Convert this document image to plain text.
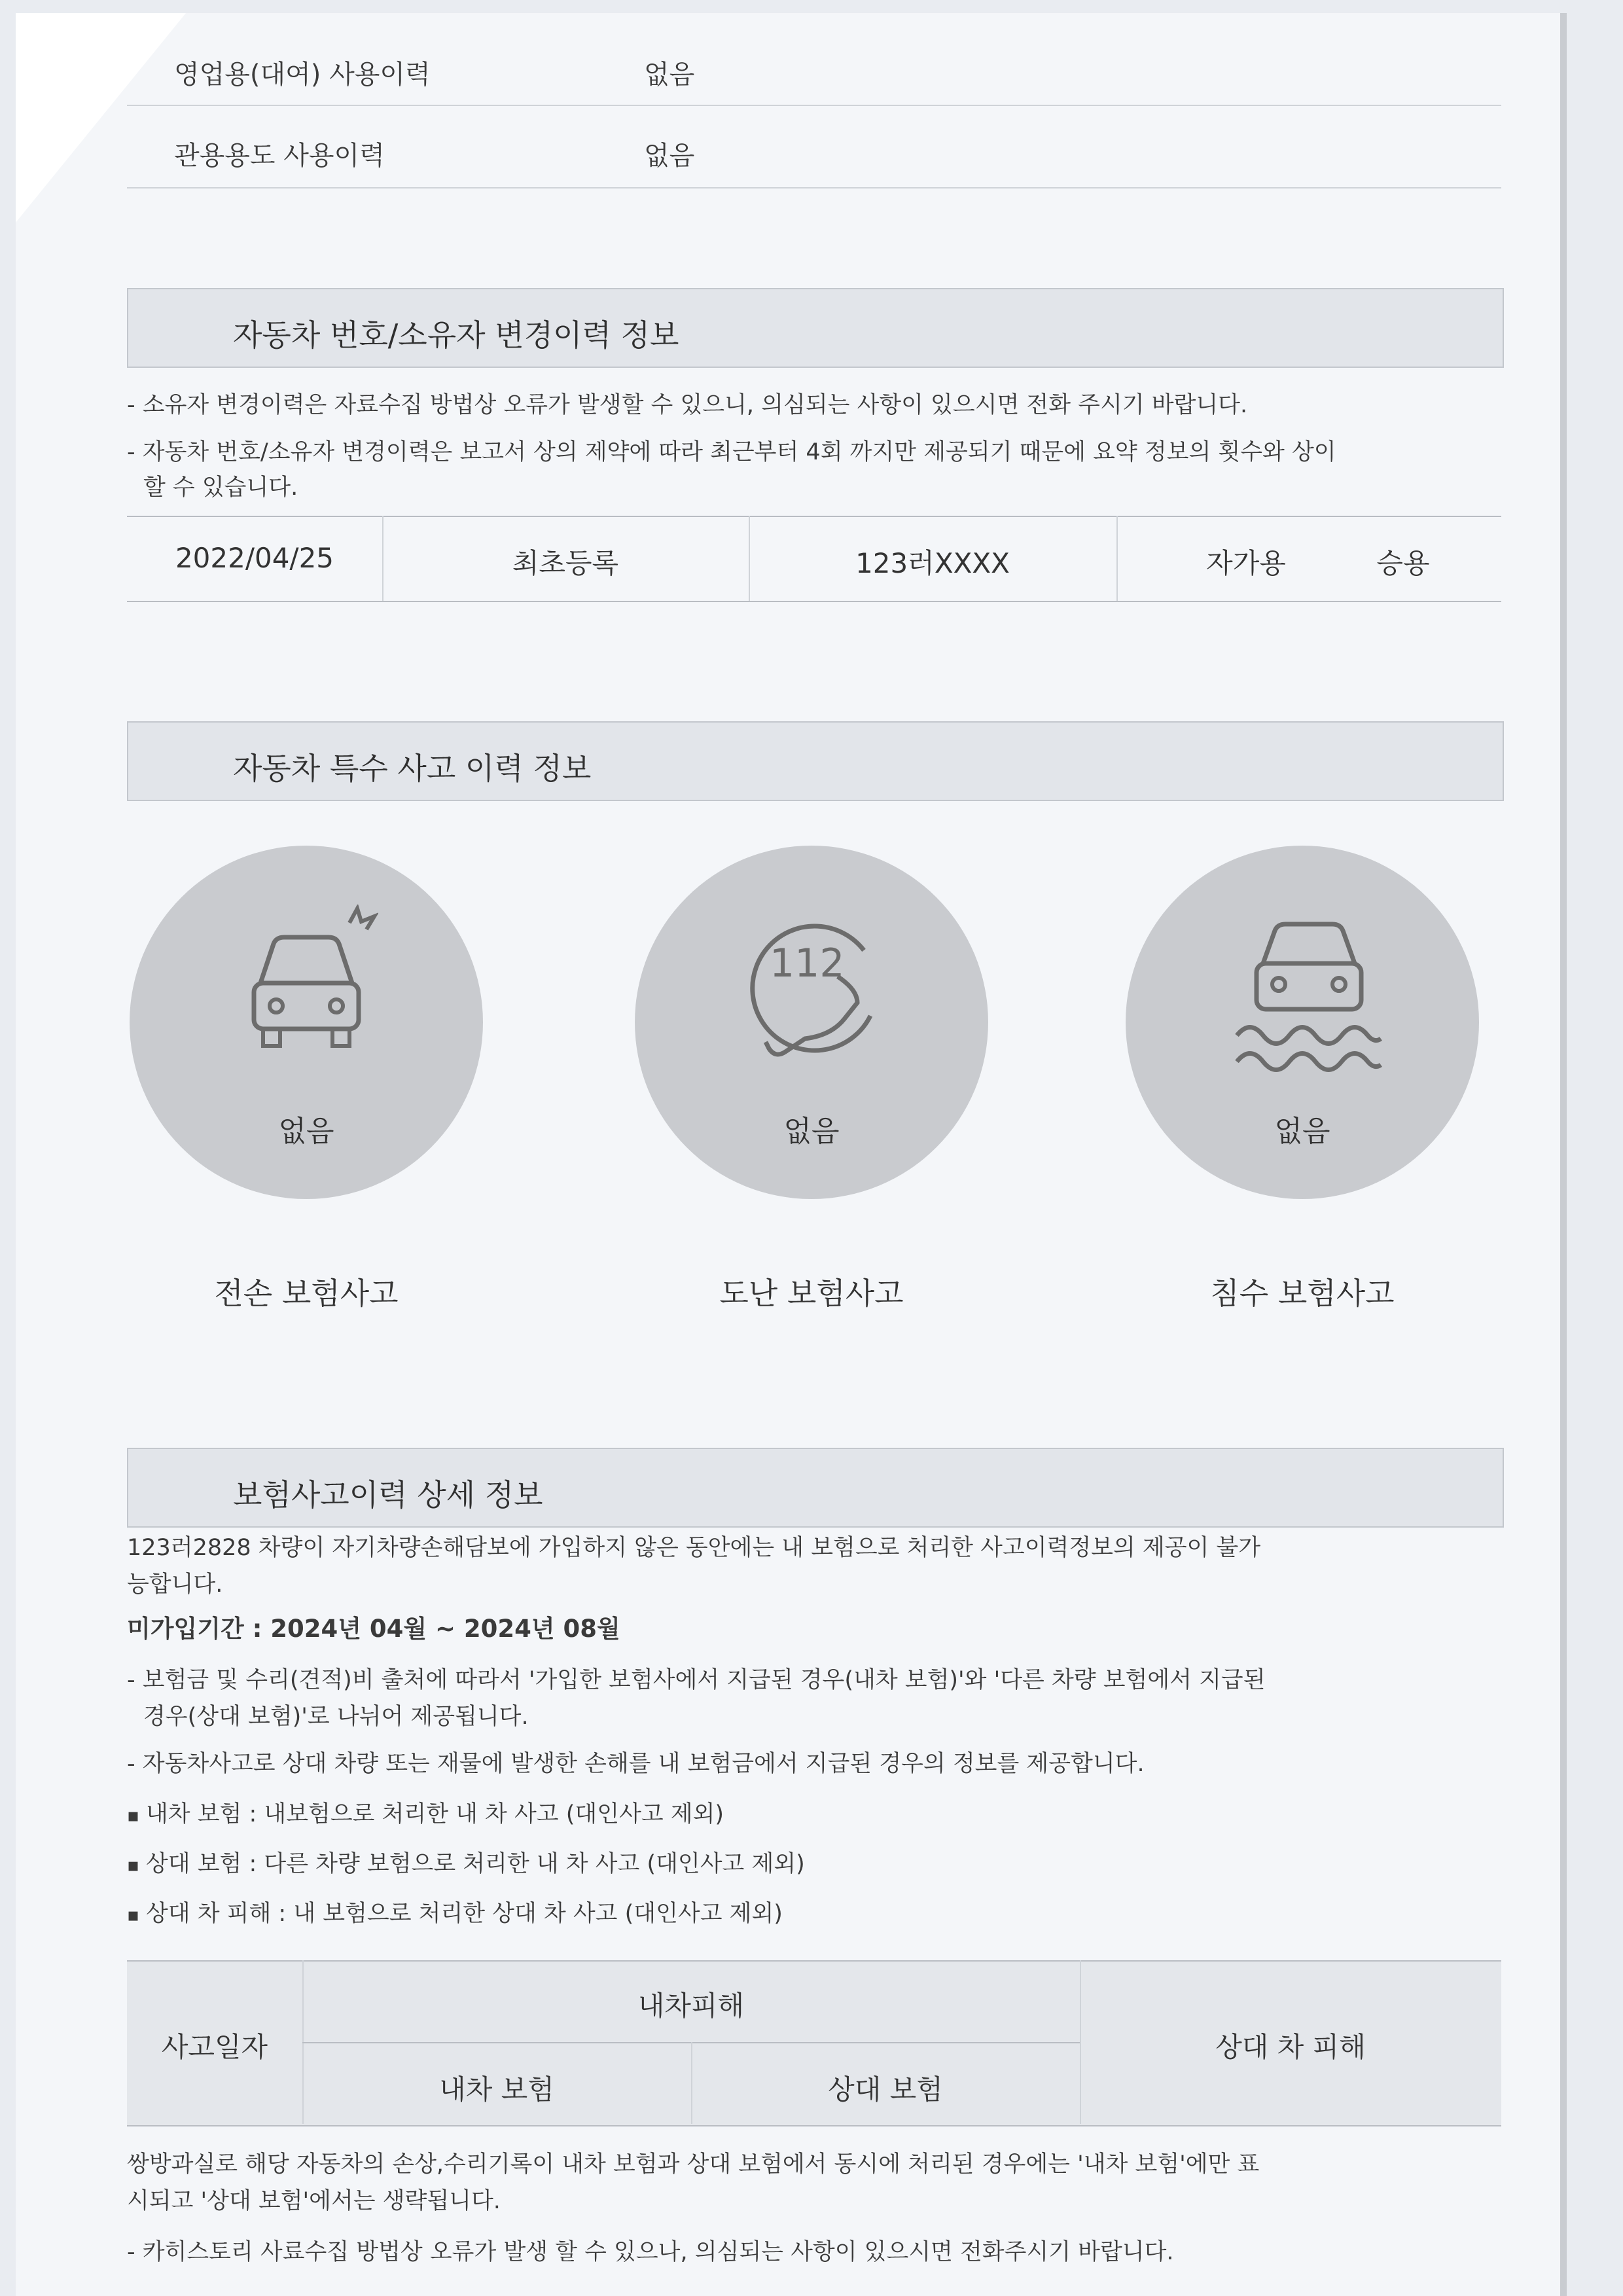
영업용(대여) 사용이력	없음
관용용도 사용이력	없음
자동차 번호/소유자 변경이력 정보
- 소유자 변경이력은 자료수집 방법상 오류가 발생할 수 있으니, 의심되는 사항이 있으시면 전화 주시기 바랍니다.
- 자동차 번호/소유자 변경이력은 보고서 상의 제약에 따라 최근부터 4회 까지만 제공되기 때문에 요약 정보의 횟수와 상이
할 수 있습니다.
2022/04/25	최초등록	123러XXXX	자가용	승용
자동차 특수 사고 이력 정보
없음
112
없음	없음
전손 보험사고	도난 보험사고	침수 보험사고
보험사고이력 상세 정보
123러2828 차량이 자기차량손해담보에 가입하지 않은 동안에는 내 보험으로 처리한 사고이력정보의 제공이 불가
능합니다.
미가입기간 : 2024년 04월 ~ 2024년 08월
- 보험금 및 수리(견적)비 출처에 따라서 '가입한 보험사에서 지급된 경우(내차 보험)'와 '다른 차량 보험에서 지급된
경우(상대 보험)'로 나뉘어 제공됩니다.
- 자동차사고로 상대 차량 또는 재물에 발생한 손해를 내 보험금에서 지급된 경우의 정보를 제공합니다.
▪ 내차 보험 : 내보험으로 처리한 내 차 사고 (대인사고 제외)
▪ 상대 보험 : 다른 차량 보험으로 처리한 내 차 사고 (대인사고 제외)
▪ 상대 차 피해 : 내 보험으로 처리한 상대 차 사고 (대인사고 제외)
사고일자
내차피해
내차 보험	상대 보험
상대 차 피해
쌍방과실로 해당 자동차의 손상,수리기록이 내차 보험과 상대 보험에서 동시에 처리된 경우에는 '내차 보험'에만 표
시되고 '상대 보험'에서는 생략됩니다.
- 카히스토리 사료수집 방법상 오류가 발생 할 수 있으나, 의심되는 사항이 있으시면 전화주시기 바랍니다.
